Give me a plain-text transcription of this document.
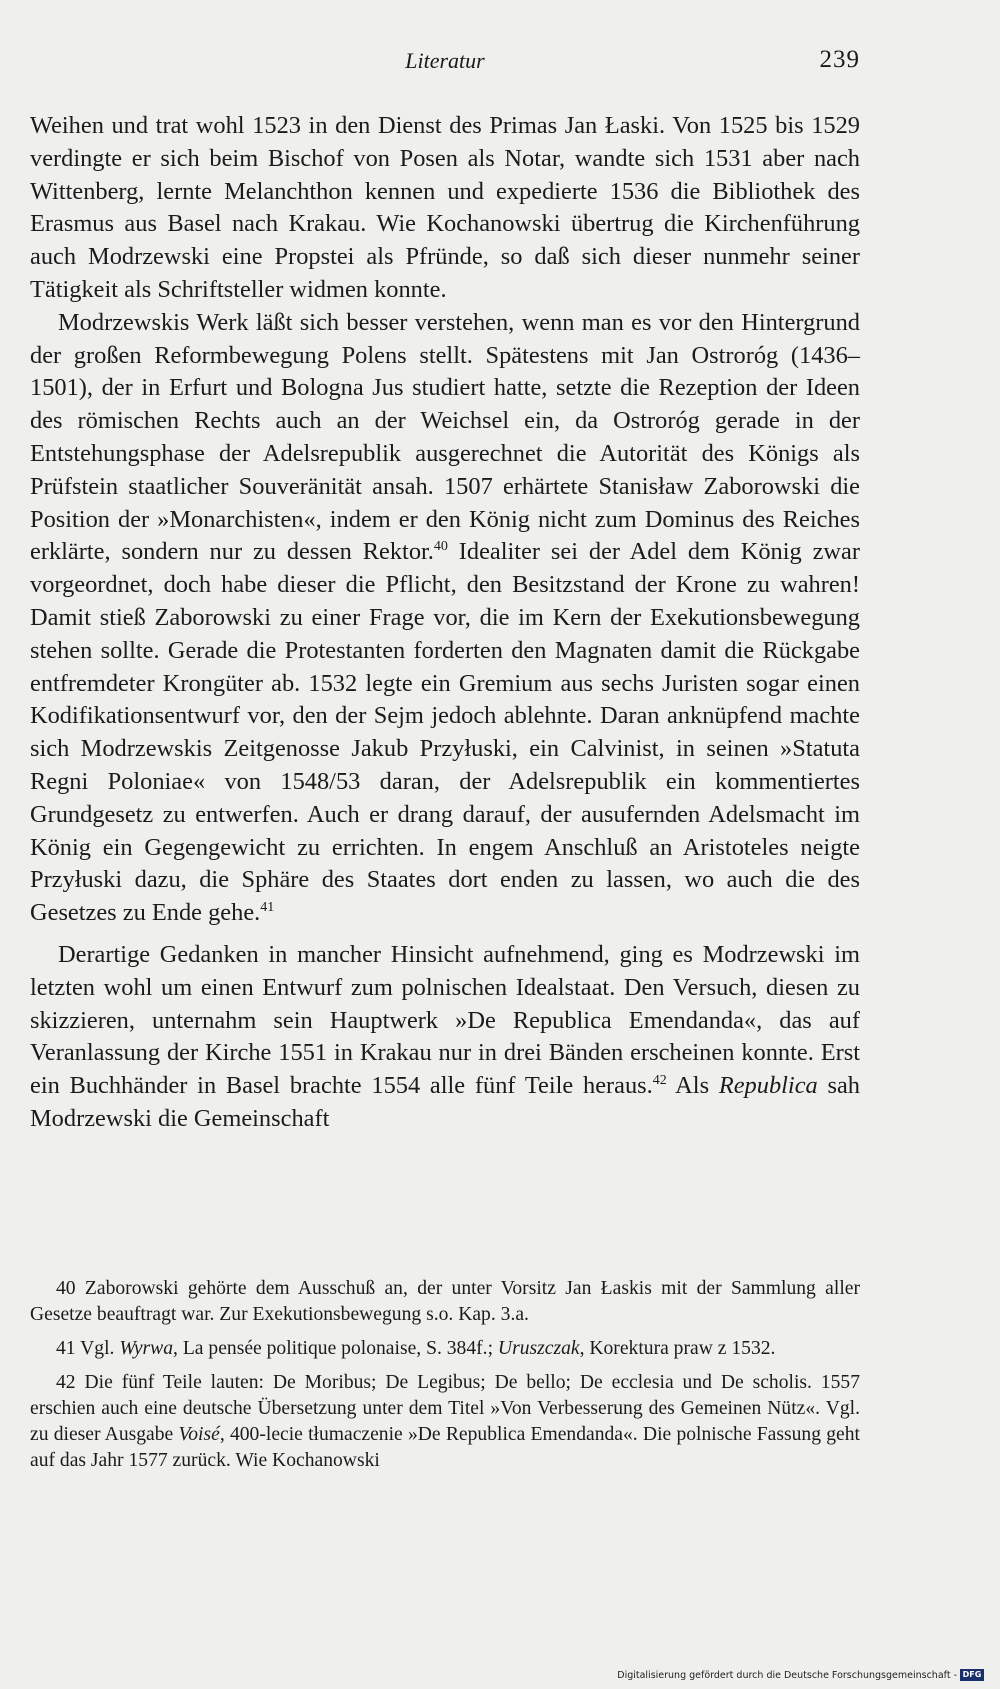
Literatur	239

Weihen und trat wohl 1523 in den Dienst des Primas Jan Łaski. Von 1525 bis 1529 verdingte er sich beim Bischof von Posen als Notar, wandte sich 1531 aber nach Wittenberg, lernte Melanchthon kennen und expedierte 1536 die Bibliothek des Erasmus aus Basel nach Krakau. Wie Kochanowski übertrug die Kirchenführung auch Modrzewski eine Propstei als Pfründe, so daß sich dieser nunmehr seiner Tätigkeit als Schriftsteller widmen konnte.

Modrzewskis Werk läßt sich besser verstehen, wenn man es vor den Hintergrund der großen Reformbewegung Polens stellt. Spätestens mit Jan Ostroróg (1436–1501), der in Erfurt und Bologna Jus studiert hatte, setzte die Rezeption der Ideen des römischen Rechts auch an der Weichsel ein, da Ostroróg gerade in der Entstehungsphase der Adelsrepublik ausgerechnet die Autorität des Königs als Prüfstein staatlicher Souveränität ansah. 1507 erhärtete Stanisław Zaborowski die Position der »Monarchisten«, indem er den König nicht zum Dominus des Reiches erklärte, sondern nur zu dessen Rektor.$^{40}$ Idealiter sei der Adel dem König zwar vorgeordnet, doch habe dieser die Pflicht, den Besitzstand der Krone zu wahren! Damit stieß Zaborowski zu einer Frage vor, die im Kern der Exekutionsbewegung stehen sollte. Gerade die Protestanten forderten den Magnaten damit die Rückgabe entfremdeter Krongüter ab. 1532 legte ein Gremium aus sechs Juristen sogar einen Kodifikationsentwurf vor, den der Sejm jedoch ablehnte. Daran anknüpfend machte sich Modrzewskis Zeitgenosse Jakub Przyłuski, ein Calvinist, in seinen »Statuta Regni Poloniae« von 1548/53 daran, der Adelsrepublik ein kommentiertes Grundgesetz zu entwerfen. Auch er drang darauf, der ausufernden Adelsmacht im König ein Gegengewicht zu errichten. In engem Anschluß an Aristoteles neigte Przyłuski dazu, die Sphäre des Staates dort enden zu lassen, wo auch die des Gesetzes zu Ende gehe.$^{41}$

Derartige Gedanken in mancher Hinsicht aufnehmend, ging es Modrzewski im letzten wohl um einen Entwurf zum polnischen Idealstaat. Den Versuch, diesen zu skizzieren, unternahm sein Hauptwerk »De Republica Emendanda«, das auf Veranlassung der Kirche 1551 in Krakau nur in drei Bänden erscheinen konnte. Erst ein Buchhänder in Basel brachte 1554 alle fünf Teile heraus.$^{42}$ Als Republica sah Modrzewski die Gemeinschaft

40 Zaborowski gehörte dem Ausschuß an, der unter Vorsitz Jan Łaskis mit der Sammlung aller Gesetze beauftragt war. Zur Exekutionsbewegung s.o. Kap. 3.a.

41 Vgl. Wyrwa, La pensée politique polonaise, S. 384f.; Uruszczak, Korektura praw z 1532.

42 Die fünf Teile lauten: De Moribus; De Legibus; De bello; De ecclesia und De scholis. 1557 erschien auch eine deutsche Übersetzung unter dem Titel »Von Verbesserung des Gemeinen Nütz«. Vgl. zu dieser Ausgabe Voisé, 400-lecie tłumaczenie »De Republica Emendanda«. Die polnische Fassung geht auf das Jahr 1577 zurück. Wie Kochanowski

Digitalisierung gefördert durch die Deutsche Forschungsgemeinschaft - DFG
